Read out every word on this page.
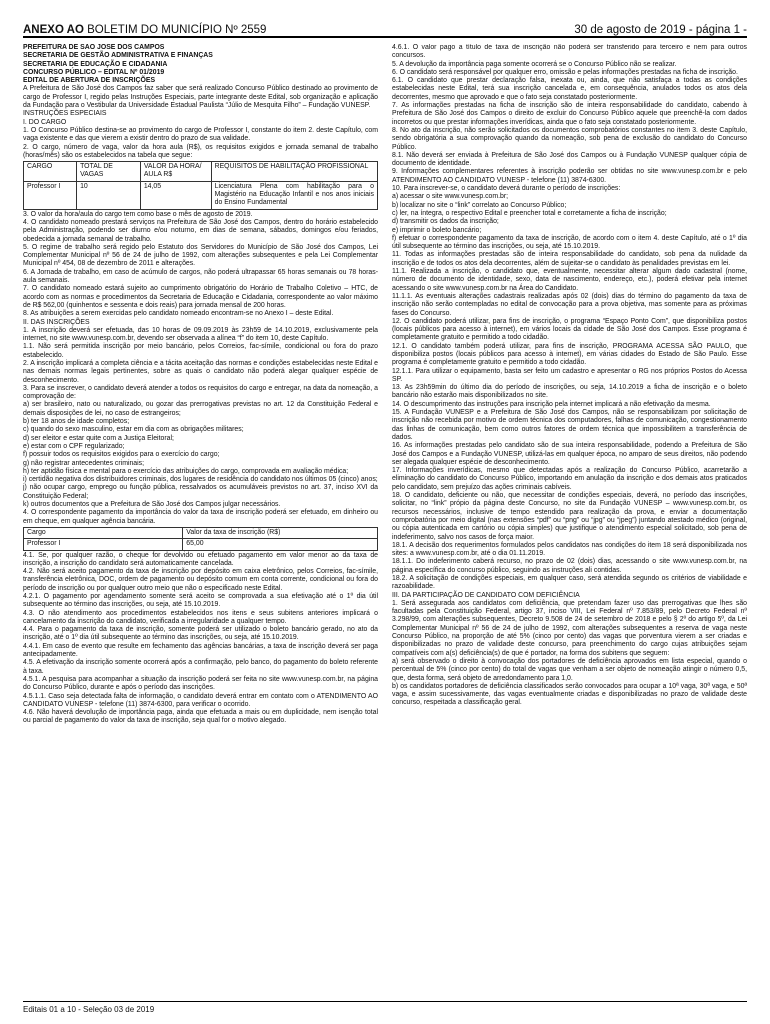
ANEXO AO BOLETIM DO MUNICÍPIO Nº 2559	30 de agosto de 2019 - página 1 -

PREFEITURA DE SÃO JOSÉ DOS CAMPOS

SECRETARIA DE GESTÃO ADMINISTRATIVA E FINANÇAS

SECRETARIA DE EDUCAÇÃO E CIDADANIA

CONCURSO PÚBLICO – EDITAL Nº 01/2019

EDITAL DE ABERTURA DE INSCRIÇÕES

A Prefeitura de São José dos Campos faz saber que será realizado Concurso Público destinado ao provimento de cargo de Professor I, regido pelas Instruções Especiais, parte integrante deste Edital, sob organização e aplicação da Fundação para o Vestibular da Universidade Estadual Paulista “Júlio de Mesquita Filho” – Fundação VUNESP.

INSTRUÇÕES ESPECIAIS

I. DO CARGO

1. O Concurso Público destina-se ao provimento do cargo de Professor I, constante do item 2. deste Capítulo, com vaga existente e das que vierem a existir dentro do prazo de sua validade.

2. O cargo, número de vaga, valor da hora aula (R$), os requisitos exigidos e jornada semanal de trabalho (horas/mês) são os estabelecidos na tabela que segue:

CARGO	TOTAL DE VAGAS	VALOR DA HORA/ AULA R$	REQUISITOS DE HABILITAÇÃO PROFISSIONAL
Professor I	10	14,05	Licenciatura Plena com habilitação para o Magistério na Educação Infantil e nos anos iniciais do Ensino Fundamental

3. O valor da hora/aula do cargo tem como base o mês de agosto de 2019.

4. O candidato nomeado prestará serviços na Prefeitura de São José dos Campos, dentro do horário estabelecido pela Administração, podendo ser diurno e/ou noturno, em dias de semana, sábados, domingos e/ou feriados, obedecida a jornada semanal de trabalho.

5. O regime de trabalho será regido pelo Estatuto dos Servidores do Município de São José dos Campos, Lei Complementar Municipal nº 56 de 24 de julho de 1992, com alterações subsequentes e pela Lei Complementar Municipal nº 454, 08 de dezembro de 2011 e alterações.

6. A Jornada de trabalho, em caso de acúmulo de cargos, não poderá ultrapassar 65 horas semanais ou 78 horas-aula semanais.

7. O candidato nomeado estará sujeito ao cumprimento obrigatório do Horário de Trabalho Coletivo – HTC, de acordo com as normas e procedimentos da Secretaria de Educação e Cidadania, correspondente ao valor máximo de R$ 562,00 (quinhentos e sessenta e dois reais) para jornada mensal de 200 horas.

8. As atribuições a serem exercidas pelo candidato nomeado encontram-se no Anexo I – deste Edital.

II. DAS INSCRIÇÕES

1. A inscrição deverá ser efetuada, das 10 horas de 09.09.2019 às 23h59 de 14.10.2019, exclusivamente pela internet, no site www.vunesp.com.br, devendo ser observada a alínea “f” do item 10, deste Capítulo.

1.1. Não será permitida inscrição por meio bancário, pelos Correios, fac-símile, condicional ou fora do prazo estabelecido.

2. A inscrição implicará a completa ciência e a tácita aceitação das normas e condições estabelecidas neste Edital e nas demais normas legais pertinentes, sobre as quais o candidato não poderá alegar qualquer espécie de desconhecimento.

3. Para se inscrever, o candidato deverá atender a todos os requisitos do cargo e entregar, na data da nomeação, a comprovação de:

a) ser brasileiro, nato ou naturalizado, ou gozar das prerrogativas previstas no art. 12 da Constituição Federal e demais disposições de lei, no caso de estrangeiros;

b) ter 18 anos de idade completos;

c) quando do sexo masculino, estar em dia com as obrigações militares;

d) ser eleitor e estar quite com a Justiça Eleitoral;

e) estar com o CPF regularizado;

f) possuir todos os requisitos exigidos para o exercício do cargo;

g) não registrar antecedentes criminais;

h) ter aptidão física e mental para o exercício das atribuições do cargo, comprovada em avaliação médica;

i) certidão negativa dos distribuidores criminais, dos lugares de residência do candidato nos últimos 05 (cinco) anos;

j) não ocupar cargo, emprego ou função pública, ressalvados os acumuláveis previstos no art. 37, inciso XVI da Constituição Federal;

k) outros documentos que a Prefeitura de São José dos Campos julgar necessários.

4. O correspondente pagamento da importância do valor da taxa de inscrição poderá ser efetuado, em dinheiro ou em cheque, em qualquer agência bancária.

Cargo	Valor da taxa de inscrição (R$)
Professor I	65,00

4.1. Se, por qualquer razão, o cheque for devolvido ou efetuado pagamento em valor menor ao da taxa de inscrição, a inscrição do candidato será automaticamente cancelada.

4.2. Não será aceito pagamento da taxa de inscrição por depósito em caixa eletrônico, pelos Correios, fac-símile, transferência eletrônica, DOC, ordem de pagamento ou depósito comum em conta corrente, condicional ou fora do período de inscrição ou por qualquer outro meio que não o especificado neste Edital.

4.2.1. O pagamento por agendamento somente será aceito se comprovada a sua efetivação até o 1º dia útil subsequente ao término das inscrições, ou seja, até 15.10.2019.

4.3. O não atendimento aos procedimentos estabelecidos nos itens e seus subitens anteriores implicará o cancelamento da inscrição do candidato, verificada a irregularidade a qualquer tempo.

4.4. Para o pagamento da taxa de inscrição, somente poderá ser utilizado o boleto bancário gerado, no ato da inscrição, até o 1º dia útil subsequente ao término das inscrições, ou seja, até 15.10.2019.

4.4.1. Em caso de evento que resulte em fechamento das agências bancárias, a taxa de inscrição deverá ser paga antecipadamente.

4.5. A efetivação da inscrição somente ocorrerá após a confirmação, pelo banco, do pagamento do boleto referente à taxa.

4.5.1. A pesquisa para acompanhar a situação da inscrição poderá ser feita no site www.vunesp.com.br, na página do Concurso Público, durante e após o período das inscrições.

4.5.1.1. Caso seja detectada falta de informação, o candidato deverá entrar em contato com o ATENDIMENTO AO CANDIDATO VUNESP - telefone (11) 3874-6300, para verificar o ocorrido.

4.6. Não haverá devolução de importância paga, ainda que efetuada a mais ou em duplicidade, nem isenção total ou parcial de pagamento do valor da taxa de inscrição, seja qual for o motivo alegado.

4.6.1. O valor pago a título de taxa de inscrição não poderá ser transferido para terceiro e nem para outros concursos.

5. A devolução da importância paga somente ocorrerá se o Concurso Público não se realizar.

6. O candidato será responsável por qualquer erro, omissão e pelas informações prestadas na ficha de inscrição.

6.1. O candidato que prestar declaração falsa, inexata ou, ainda, que não satisfaça a todas as condições estabelecidas neste Edital, terá sua inscrição cancelada e, em consequência, anulados todos os atos dela decorrentes, mesmo que aprovado e que o fato seja constatado posteriormente.

7. As informações prestadas na ficha de inscrição são de inteira responsabilidade do candidato, cabendo à Prefeitura de São José dos Campos o direito de excluir do Concurso Público aquele que preenchê-la com dados incorretos ou que prestar informações inverídicas, ainda que o fato seja constatado posteriormente.

8. No ato da inscrição, não serão solicitados os documentos comprobatórios constantes no item 3. deste Capítulo, sendo obrigatória a sua comprovação quando da nomeação, sob pena de exclusão do candidato do Concurso Público.

8.1. Não deverá ser enviada à Prefeitura de São José dos Campos ou à Fundação VUNESP qualquer cópia de documento de identidade.

9. Informações complementares referentes à inscrição poderão ser obtidas no site www.vunesp.com.br e pelo ATENDIMENTO AO CANDIDATO VUNESP - telefone (11) 3874-6300.

10. Para inscrever-se, o candidato deverá durante o período de inscrições:

a) acessar o site www.vunesp.com.br;

b) localizar no site o “link” correlato ao Concurso Público;

c) ler, na íntegra, o respectivo Edital e preencher total e corretamente a ficha de inscrição;

d) transmitir os dados da inscrição;

e) imprimir o boleto bancário;

f) efetuar o correspondente pagamento da taxa de inscrição, de acordo com o item 4. deste Capítulo, até o 1º dia útil subsequente ao término das inscrições, ou seja, até 15.10.2019.

11. Todas as informações prestadas são de inteira responsabilidade do candidato, sob pena da nulidade da inscrição e de todos os atos dela decorrentes, além de sujeitar-se o candidato às penalidades previstas em lei.

11.1. Realizada a inscrição, o candidato que, eventualmente, necessitar alterar algum dado cadastral (nome, número de documento de identidade, sexo, data de nascimento, endereço, etc.), poderá efetivar pela internet acessando o site www.vunesp.com.br na Área do Candidato.

11.1.1. As eventuais alterações cadastrais realizadas após 02 (dois) dias do término do pagamento da taxa de inscrição não serão contempladas no edital de convocação para a prova objetiva, mas somente para as próximas fases do Concurso.

12. O candidato poderá utilizar, para fins de inscrição, o programa “Espaço Ponto Com”, que disponibiliza postos (locais públicos para acesso à internet), em vários locais da cidade de São José dos Campos. Esse programa é completamente gratuito e permitido a todo cidadão.

12.1. O candidato também poderá utilizar, para fins de inscrição, PROGRAMA ACESSA SÃO PAULO, que disponibiliza postos (locais públicos para acesso à internet), em várias cidades do Estado de São Paulo. Esse programa é completamente gratuito e permitido a todo cidadão.

12.1.1. Para utilizar o equipamento, basta ser feito um cadastro e apresentar o RG nos próprios Postos do Acessa SP.

13. As 23h59min do último dia do período de inscrições, ou seja, 14.10.2019 a ficha de inscrição e o boleto bancário não estarão mais disponibilizados no site.

14. O descumprimento das instruções para inscrição pela internet implicará a não efetivação da mesma.

15. A Fundação VUNESP e a Prefeitura de São José dos Campos, não se responsabilizam por solicitação de inscrição não recebida por motivo de ordem técnica dos computadores, falhas de comunicação, congestionamento das linhas de comunicação, bem como outros fatores de ordem técnica que impossibilitem a transferência de dados.

16. As informações prestadas pelo candidato são de sua inteira responsabilidade, podendo a Prefeitura de São José dos Campos e a Fundação VUNESP, utilizá-las em qualquer época, no amparo de seus direitos, não podendo ser alegada qualquer espécie de desconhecimento.

17. Informações inverídicas, mesmo que detectadas após a realização do Concurso Público, acarretarão a eliminação do candidato do Concurso Público, importando em anulação da inscrição e dos demais atos praticados pelo candidato, sem prejuízo das ações criminais cabíveis.

18. O candidato, deficiente ou não, que necessitar de condições especiais, deverá, no período das inscrições, solicitar, no “link” própio da página deste Concurso, no site da Fundação VUNESP – www.vunesp.com.br, os recursos necessários, inclusive de tempo estendido para realização da prova, e enviar a documentação comprobatória por meio digital (nas extensões “pdf” ou “png” ou “jpg” ou “jpeg”) juntando atestado médico (original, ou cópia autenticada em cartório ou cópia simples) que justifique o atendimento especial solicitado, sob pena de indeferimento, salvo nos casos de força maior.

18.1. A decisão dos requerimentos formulados pelos candidatos nas condições do item 18 será disponibilizada nos sites: a www.vunesp.com.br, até o dia 01.11.2019.

18.1.1. Do indeferimento caberá recurso, no prazo de 02 (dois) dias, acessando o site www.vunesp.com.br, na página específica do concurso público, seguindo as instruções ali contidas.

18.2. A solicitação de condições especiais, em qualquer caso, será atendida segundo os critérios de viabilidade e razoabilidade.

III. DA PARTICIPAÇÃO DE CANDIDATO COM DEFICIÊNCIA

1. Será assegurada aos candidatos com deficiência, que pretendam fazer uso das prerrogativas que lhes são facultadas pela Constituição Federal, artigo 37, inciso VIII, Lei Federal nº 7.853/89, pelo Decreto Federal nº 3.298/99, com alterações subsequentes, Decreto 9.508 de 24 de setembro de 2018 e pelo § 2º do artigo 5º, da Lei Complementar Municipal nº 56 de 24 de julho de 1992, com alterações subsequentes a reserva de vaga neste Concurso Público, na proporção de até 5% (cinco por cento) das vagas que porventura vierem a ser criadas e disponibilizadas no prazo de validade deste concurso, para preenchimento do cargo cujas atribuições sejam compatíveis com a(s) deficiência(s) de que é portador, na forma dos subitens que seguem:

a) será observado o direito à convocação dos portadores de deficiência aprovados em lista especial, quando o percentual de 5% (cinco por cento) do total de vagas que venham a ser objeto de nomeação atingir o número 0,5, que, desta forma, será objeto de arredondamento para 1,0.

b) os candidatos portadores de deficiência classificados serão convocados para ocupar a 10ª vaga, 30ª vaga, e 50ª vaga, e assim sucessivamente, das vagas eventualmente criadas e disponibilizadas no prazo de validade deste concurso, respeitada a classificação geral.

Editais 01 a 10 - Seleção 03 de 2019
